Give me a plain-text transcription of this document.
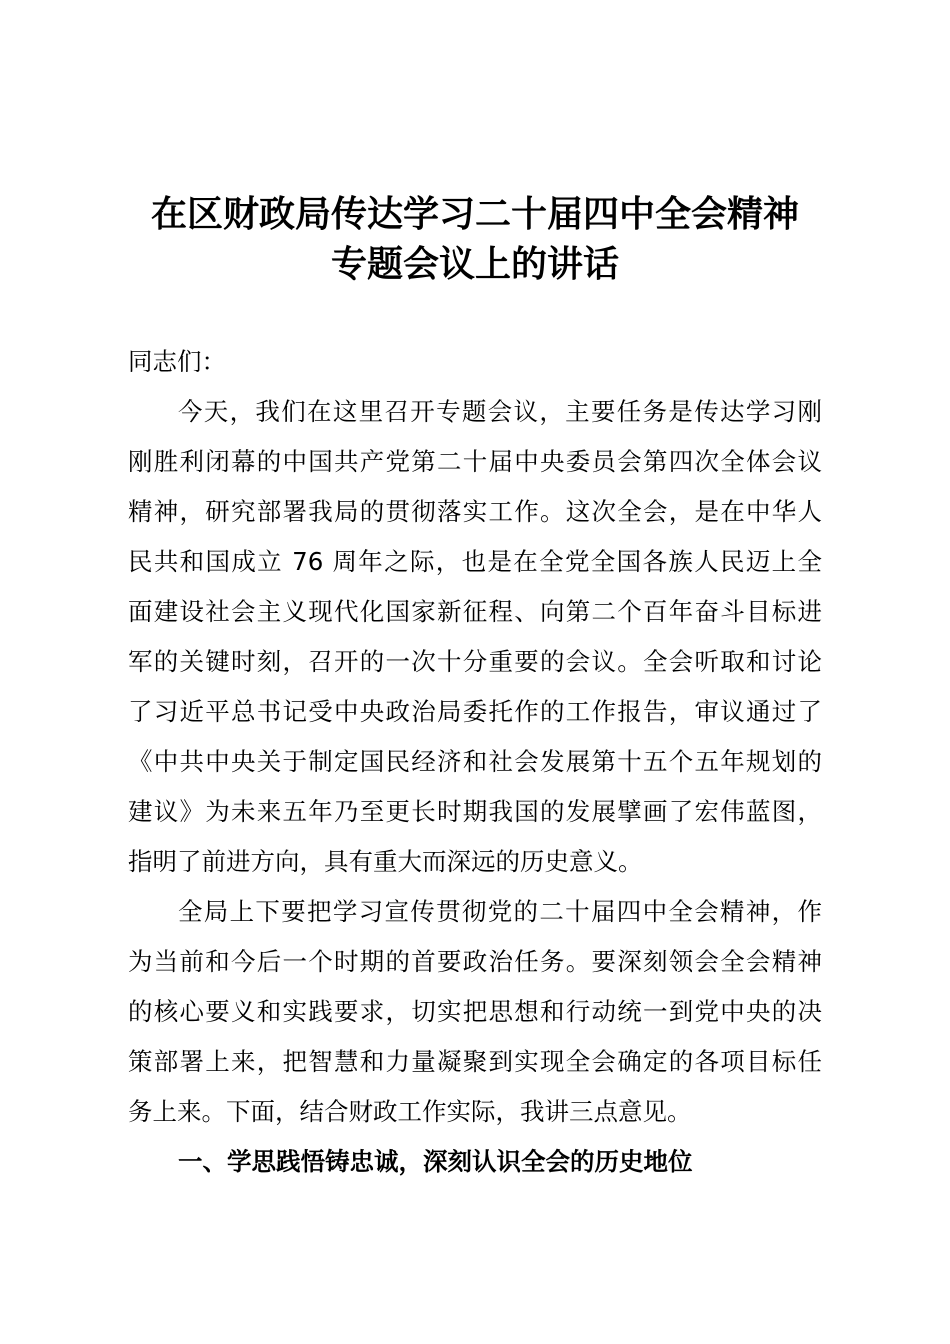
在区财政局传达学习二十届四中全会精神
专题会议上的讲话
同志们：
今天，我们在这里召开专题会议，主要任务是传达学习刚
刚胜利闭幕的中国共产党第二十届中央委员会第四次全体会议
精神，研究部署我局的贯彻落实工作。这次全会，是在中华人
民共和国成立 76 周年之际，也是在全党全国各族人民迈上全
面建设社会主义现代化国家新征程、向第二个百年奋斗目标进
军的关键时刻，召开的一次十分重要的会议。全会听取和讨论
了习近平总书记受中央政治局委托作的工作报告，审议通过了
《中共中央关于制定国民经济和社会发展第十五个五年规划的
建议》为未来五年乃至更长时期我国的发展擘画了宏伟蓝图，
指明了前进方向，具有重大而深远的历史意义。
全局上下要把学习宣传贯彻党的二十届四中全会精神，作
为当前和今后一个时期的首要政治任务。要深刻领会全会精神
的核心要义和实践要求，切实把思想和行动统一到党中央的决
策部署上来，把智慧和力量凝聚到实现全会确定的各项目标任
务上来。下面，结合财政工作实际，我讲三点意见。
一、学思践悟铸忠诚，深刻认识全会的历史地位
